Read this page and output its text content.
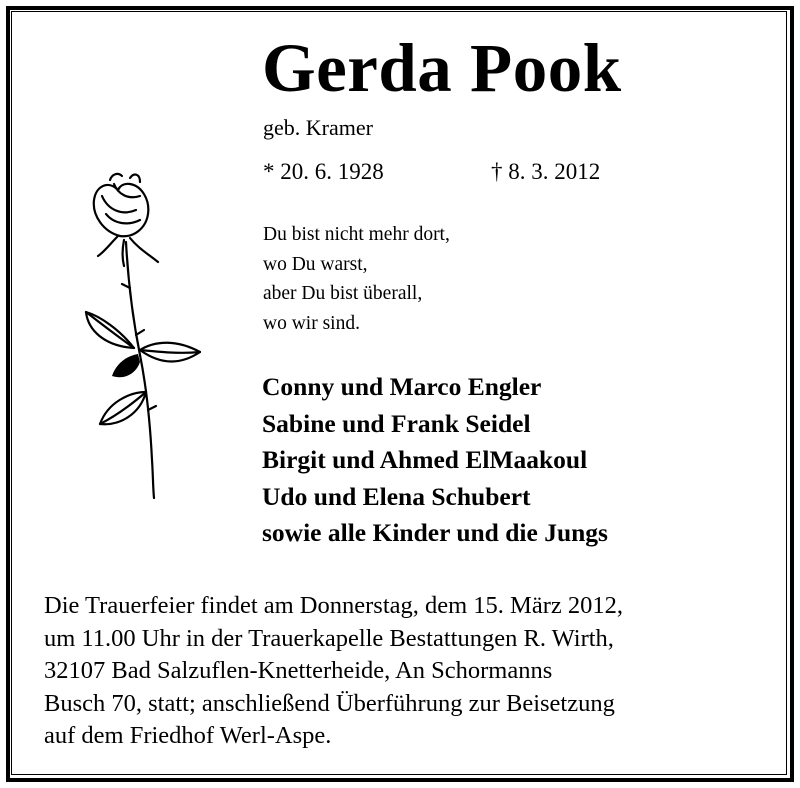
Gerda Pook
geb. Kramer
* 20. 6. 1928	† 8. 3. 2012
Du bist nicht mehr dort,
wo Du warst,
aber Du bist überall,
wo wir sind.
Conny und Marco Engler
Sabine und Frank Seidel
Birgit und Ahmed ElMaakoul
Udo und Elena Schubert
sowie alle Kinder und die Jungs
Die Trauerfeier findet am Donnerstag, dem 15. März 2012,
um 11.00 Uhr in der Trauerkapelle Bestattungen R. Wirth,
32107 Bad Salzuflen-Knetterheide, An Schormanns
Busch 70, statt; anschließend Überführung zur Beisetzung
auf dem Friedhof Werl-Aspe.
